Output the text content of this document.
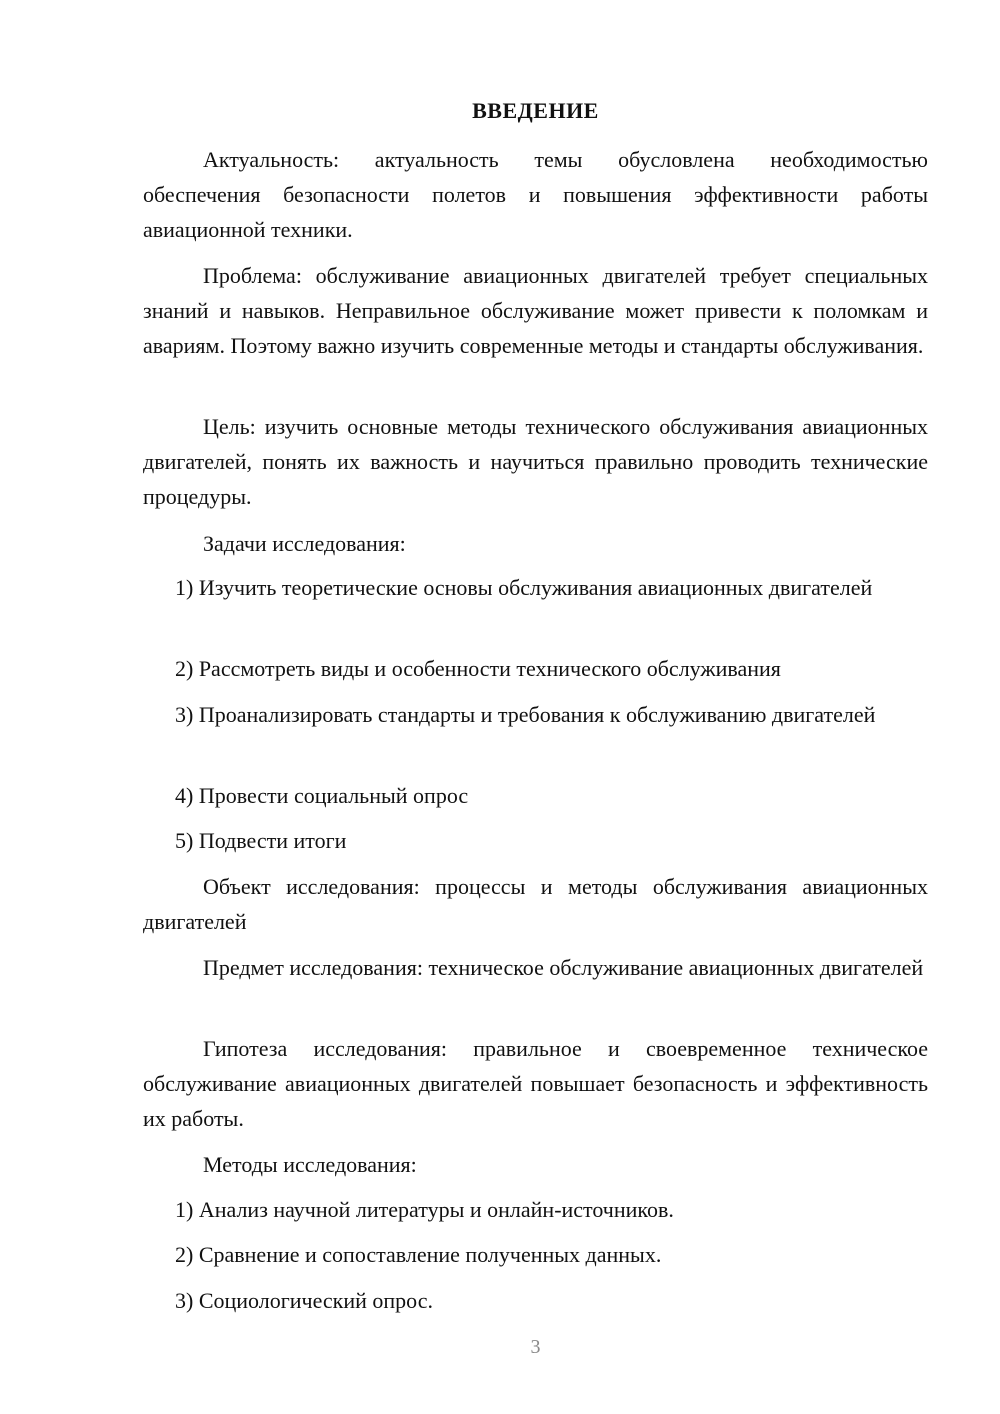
ВВЕДЕНИЕ

Актуальность: актуальность темы обусловлена необходимостью обеспечения безопасности полетов и повышения эффективности работы авиационной техники.

Проблема: обслуживание авиационных двигателей требует специальных знаний и навыков. Неправильное обслуживание может привести к поломкам и авариям. Поэтому важно изучить современные методы и стандарты обслуживания.

Цель: изучить основные методы технического обслуживания авиационных двигателей, понять их важность и научиться правильно проводить технические процедуры.

Задачи исследования:

1) Изучить теоретические основы обслуживания авиационных двигателей

2) Рассмотреть виды и особенности технического обслуживания

3) Проанализировать стандарты и требования к обслуживанию двигателей

4) Провести социальный опрос

5) Подвести итоги

Объект исследования: процессы и методы обслуживания авиационных двигателей

Предмет исследования: техническое обслуживание авиационных двигателей

Гипотеза исследования: правильное и своевременное техническое обслуживание авиационных двигателей повышает безопасность и эффективность их работы.

Методы исследования:

1) Анализ научной литературы и онлайн-источников.

2) Сравнение и сопоставление полученных данных.

3) Социологический опрос.

3
